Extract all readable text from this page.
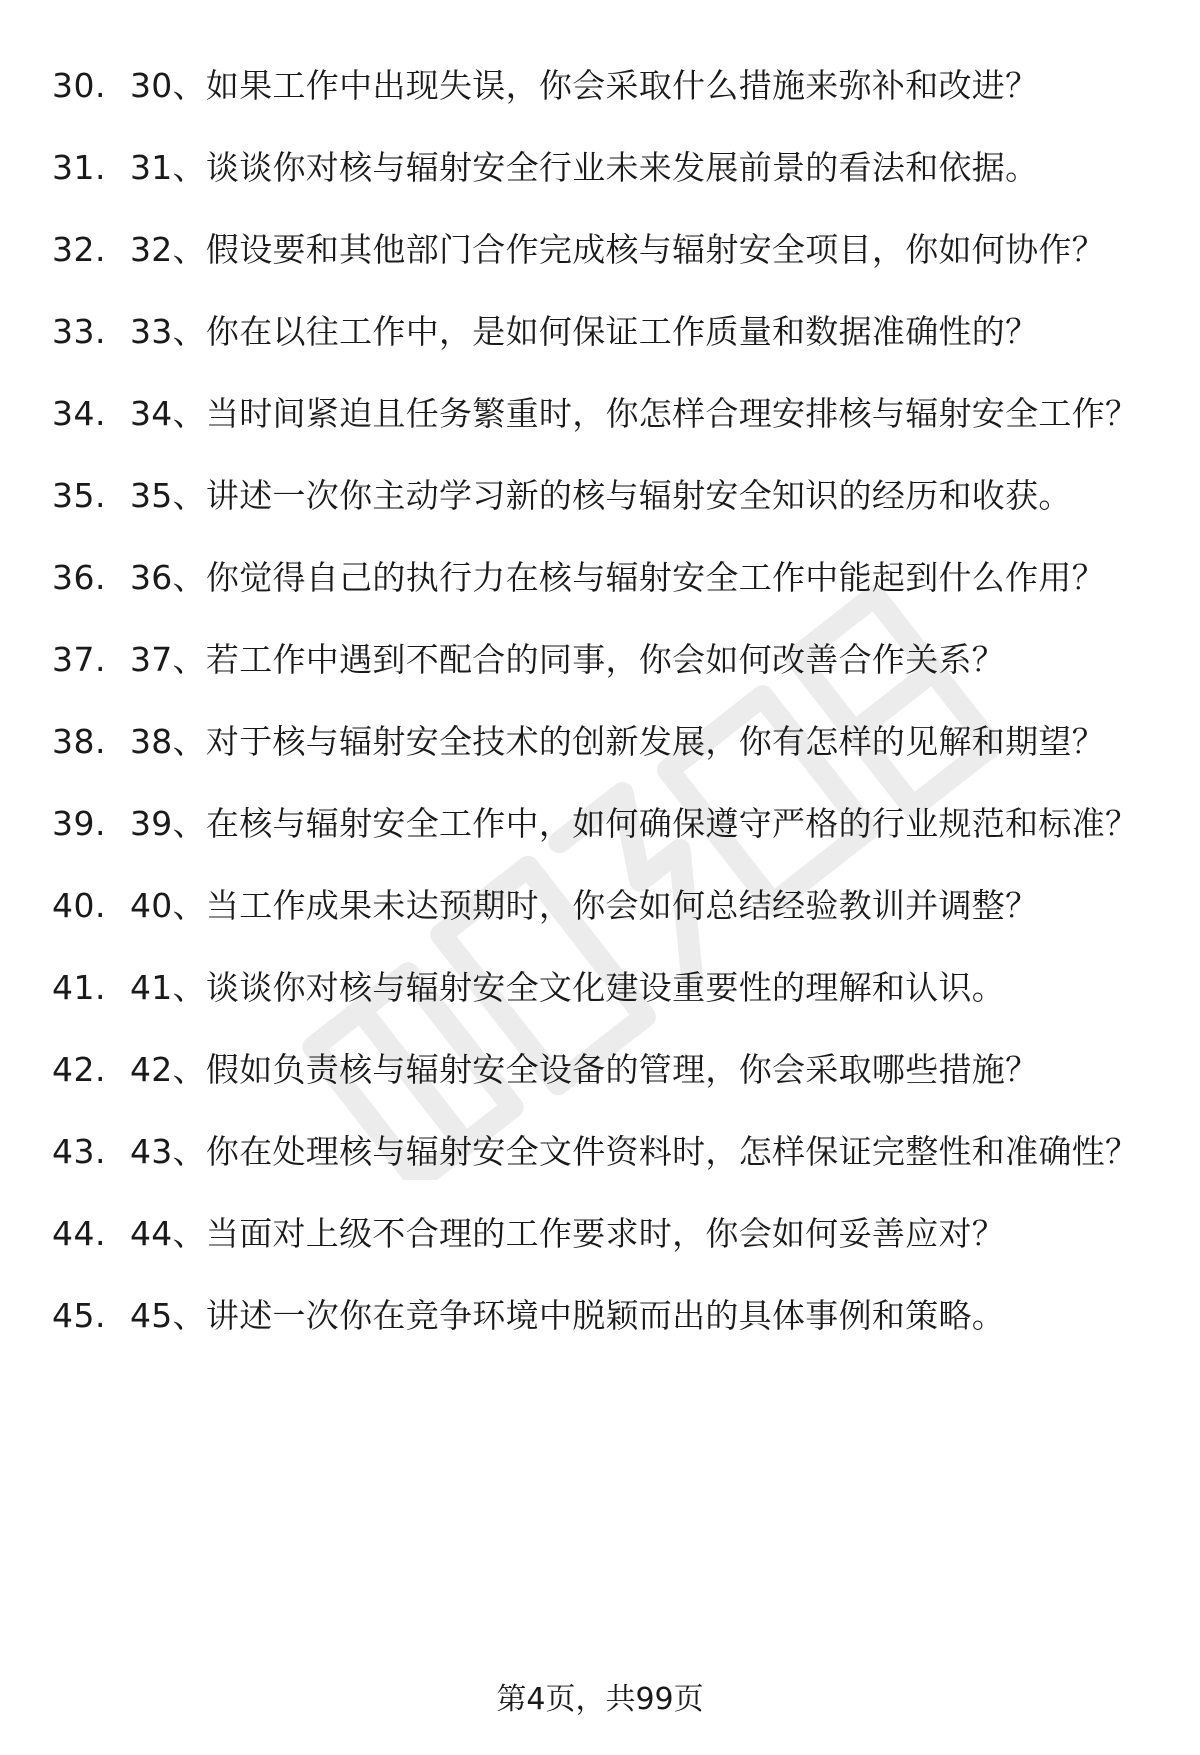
30. 30、如果工作中出现失误，你会采取什么措施来弥补和改进？
31. 31、谈谈你对核与辐射安全行业未来发展前景的看法和依据。
32. 32、假设要和其他部门合作完成核与辐射安全项目，你如何协作？
33. 33、你在以往工作中，是如何保证工作质量和数据准确性的？
34. 34、当时间紧迫且任务繁重时，你怎样合理安排核与辐射安全工作？
35. 35、讲述一次你主动学习新的核与辐射安全知识的经历和收获。
36. 36、你觉得自己的执行力在核与辐射安全工作中能起到什么作用？
37. 37、若工作中遇到不配合的同事，你会如何改善合作关系？
38. 38、对于核与辐射安全技术的创新发展，你有怎样的见解和期望？
39. 39、在核与辐射安全工作中，如何确保遵守严格的行业规范和标准？
40. 40、当工作成果未达预期时，你会如何总结经验教训并调整？
41. 41、谈谈你对核与辐射安全文化建设重要性的理解和认识。
42. 42、假如负责核与辐射安全设备的管理，你会采取哪些措施？
43. 43、你在处理核与辐射安全文件资料时，怎样保证完整性和准确性？
44. 44、当面对上级不合理的工作要求时，你会如何妥善应对？
45. 45、讲述一次你在竞争环境中脱颖而出的具体事例和策略。
第4页，共99页
